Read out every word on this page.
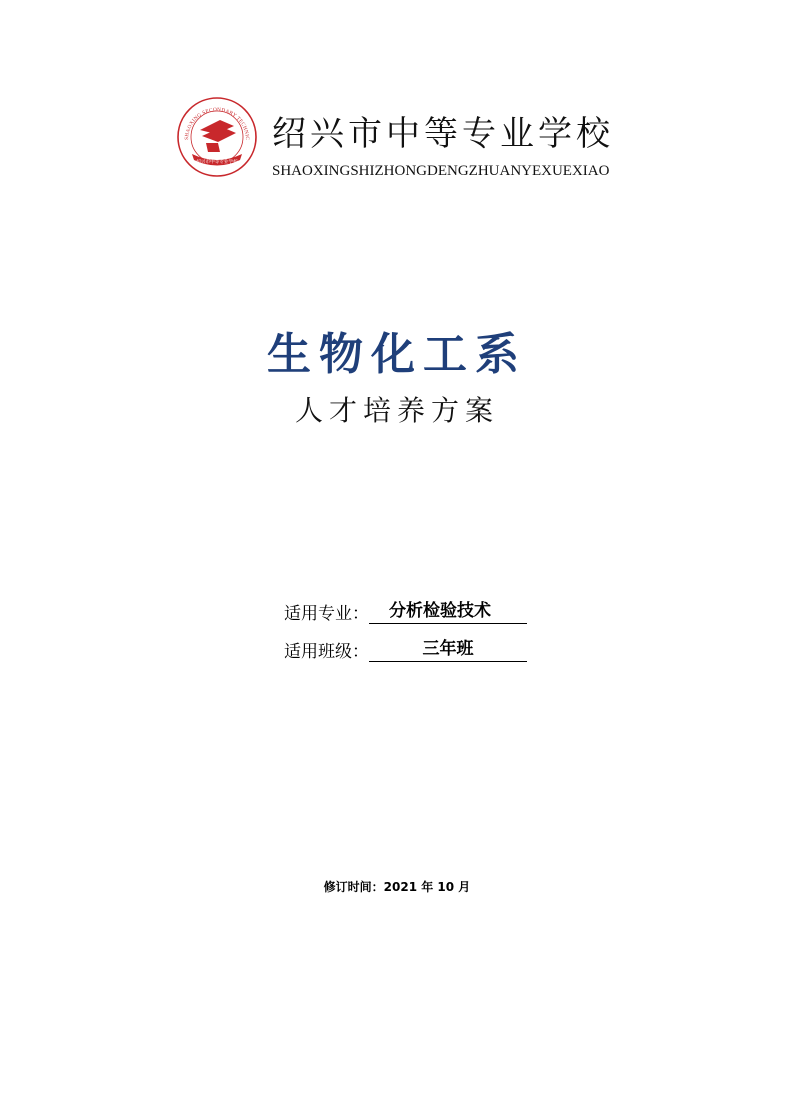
SHAOXING SECONDARY TECHNIC
绍兴市中等专业学校
绍兴市中等专业学校
SHAOXINGSHIZHONGDENGZHUANYEXUEXIAO
生物化工系
人才培养方案
适用专业：	分析检验技术
适用班级：	三年班
修订时间：2021 年 10 月
